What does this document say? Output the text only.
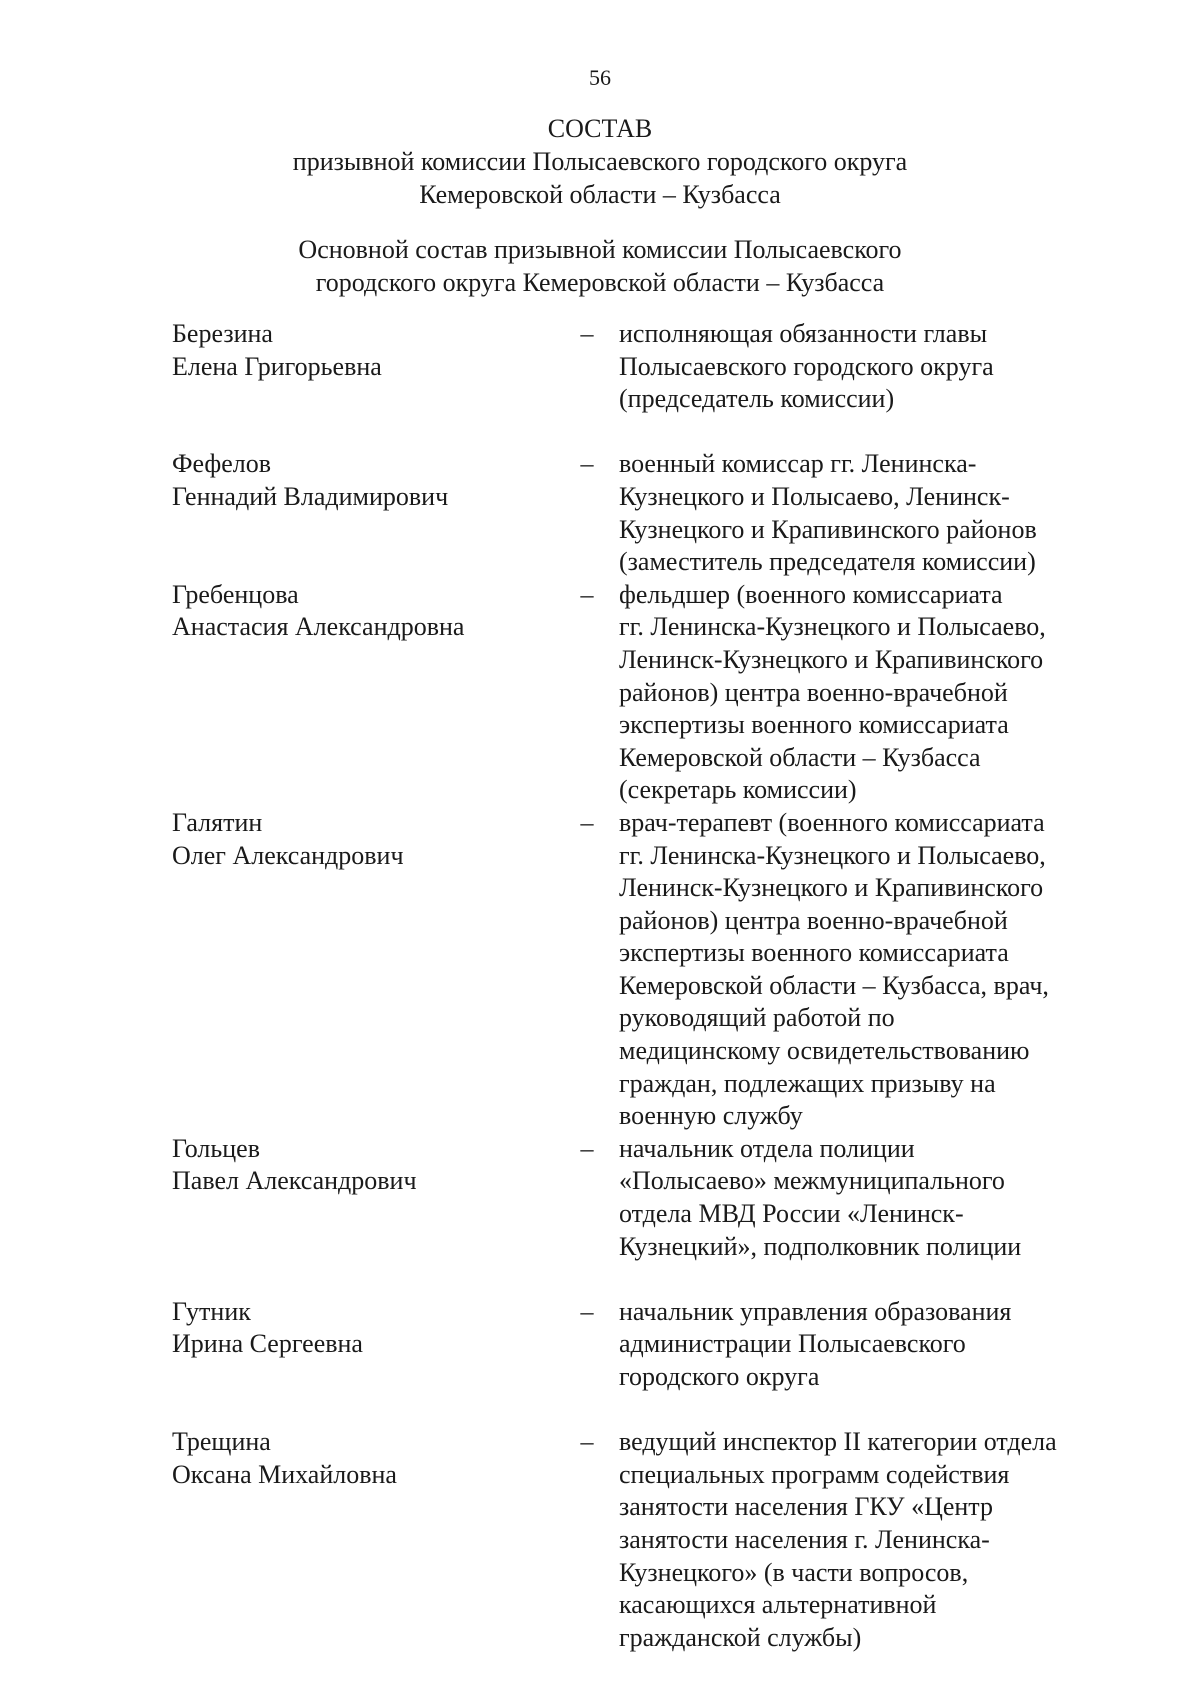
56
СОСТАВ
призывной комиссии Полысаевского городского округа
Кемеровской области – Кузбасса
Основной состав призывной комиссии Полысаевского
городского округа Кемеровской области – Кузбасса
Березина
Елена Григорьевна
– исполняющая обязанности главы
Полысаевского городского округа
(председатель комиссии)
Фефелов
Геннадий Владимирович
– военный комиссар гг. Ленинска-
Кузнецкого и Полысаево, Ленинск-
Кузнецкого и Крапивинского районов
(заместитель председателя комиссии)
Гребенцова
Анастасия Александровна
– фельдшер (военного комиссариата
гг. Ленинска-Кузнецкого и Полысаево,
Ленинск-Кузнецкого и Крапивинского
районов) центра военно-врачебной
экспертизы военного комиссариата
Кемеровской области – Кузбасса
(секретарь комиссии)
Галятин
Олег Александрович
– врач-терапевт (военного комиссариата
гг. Ленинска-Кузнецкого и Полысаево,
Ленинск-Кузнецкого и Крапивинского
районов) центра военно-врачебной
экспертизы военного комиссариата
Кемеровской области – Кузбасса, врач,
руководящий работой по
медицинскому освидетельствованию
граждан, подлежащих призыву на
военную службу
Гольцев
Павел Александрович
– начальник отдела полиции
«Полысаево» межмуниципального
отдела МВД России «Ленинск-
Кузнецкий», подполковник полиции
Гутник
Ирина Сергеевна
– начальник управления образования
администрации Полысаевского
городского округа
Трещина
Оксана Михайловна
– ведущий инспектор II категории отдела
специальных программ содействия
занятости населения ГКУ «Центр
занятости населения г. Ленинска-
Кузнецкого» (в части вопросов,
касающихся альтернативной
гражданской службы)
